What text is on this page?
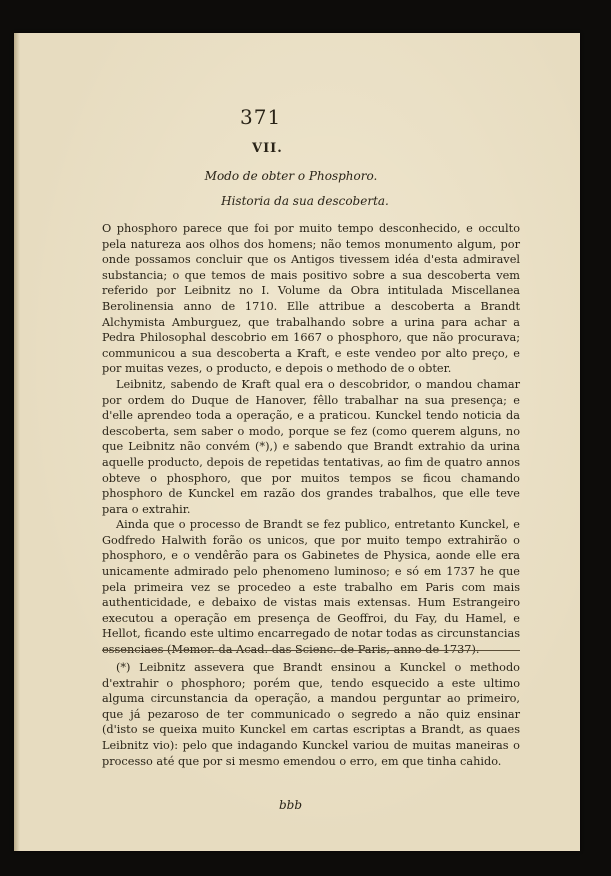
371
VII.
Modo de obter o Phosphoro.
Historia da sua descoberta.

O phosphoro parece que foi por muito tempo desconhecido, e occulto pela natureza aos olhos dos homens; não temos monumento algum, por onde possamos concluir que os Antigos tivessem idéa d'esta admiravel substancia; o que temos de mais positivo sobre a sua descoberta vem referido por Leibnitz no I. Volume da Obra intitulada Miscellanea Berolinensia anno de 1710. Elle attribue a descoberta a Brandt Alchymista Amburguez, que trabalhando sobre a urina para achar a Pedra Philosophal descobrio em 1667 o phosphoro, que não procurava; communicou a sua descoberta a Kraft, e este vendeo por alto preço, e por muitas vezes, o producto, e depois o methodo de o obter.

Leibnitz, sabendo de Kraft qual era o descobridor, o mandou chamar por ordem do Duque de Hanover, fêllo trabalhar na sua presença; e d'elle aprendeo toda a operação, e a praticou. Kunckel tendo noticia da descoberta, sem saber o modo, porque se fez (como querem alguns, no que Leibnitz não convém (*),) e sabendo que Brandt extrahio da urina aquelle producto, depois de repetidas tentativas, ao fim de quatro annos obteve o phosphoro, que por muitos tempos se ficou chamando phosphoro de Kunckel em razão dos grandes trabalhos, que elle teve para o extrahir.

Ainda que o processo de Brandt se fez publico, entretanto Kunckel, e Godfredo Halwith forão os unicos, que por muito tempo extrahirão o phosphoro, e o vendêrão para os Gabinetes de Physica, aonde elle era unicamente admirado pelo phenomeno luminoso; e só em 1737 he que pela primeira vez se procedeo a este trabalho em Paris com mais authenticidade, e debaixo de vistas mais extensas. Hum Estrangeiro executou a operação em presença de Geoffroi, du Fay, du Hamel, e Hellot, ficando este ultimo encarregado de notar todas as circunstancias essenciaes (Memor. da Acad. das Scienc. de Paris, anno de 1737).

(*) Leibnitz assevera que Brandt ensinou a Kunckel o methodo d'extrahir o phosphoro; porém que, tendo esquecido a este ultimo alguma circunstancia da operação, a mandou perguntar ao primeiro, que já pezaroso de ter communicado o segredo a não quiz ensinar (d'isto se queixa muito Kunckel em cartas escriptas a Brandt, as quaes Leibnitz vio): pelo que indagando Kunckel variou de muitas maneiras o processo até que por si mesmo emendou o erro, em que tinha cahido.

bbb
